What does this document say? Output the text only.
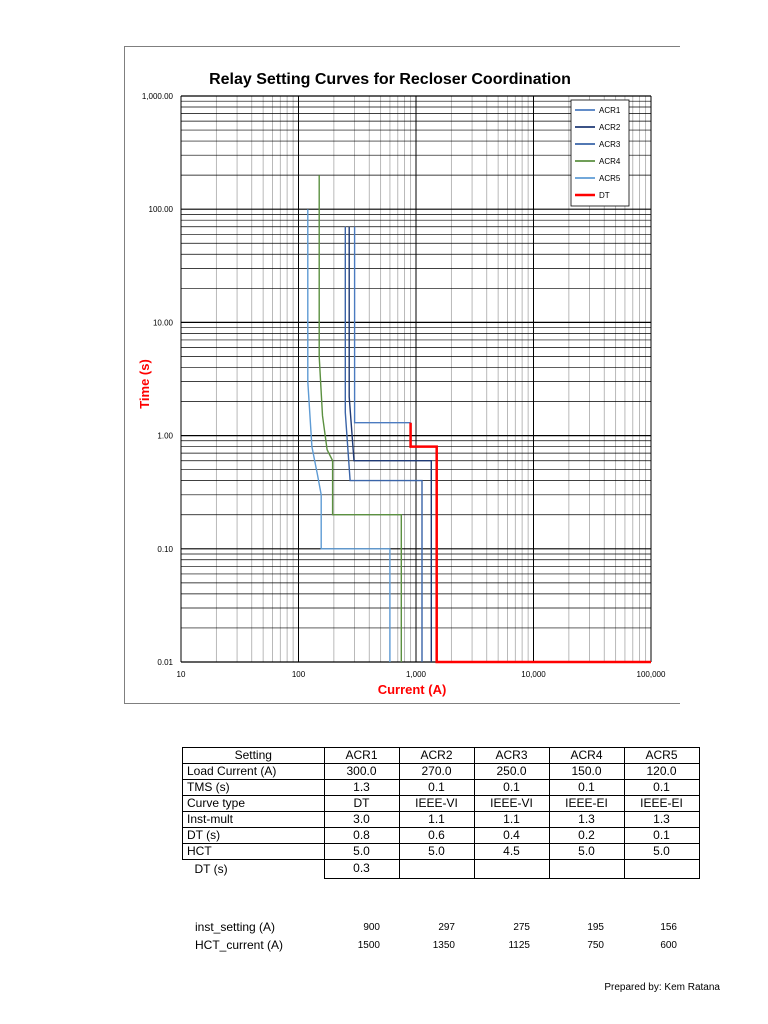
10	100	1,000	10,000	100,000
0.01
0.10
1.00
10.00
100.00
1,000.00
Relay Setting Curves for Recloser Coordination
Current (A)
Time (s)
ACR1
ACR2
ACR3
ACR4
ACR5
DT
Setting	ACR1	ACR2	ACR3	ACR4	ACR5
Load Current (A)	300.0	270.0	250.0	150.0	120.0
TMS (s)	1.3	0.1	0.1	0.1	0.1
Curve type	DT	IEEE-VI	IEEE-VI	IEEE-EI	IEEE-EI
Inst-mult	3.0	1.1	1.1	1.3	1.3
DT (s)	0.8	0.6	0.4	0.2	0.1
HCT	5.0	5.0	4.5	5.0	5.0
DT (s)	0.3				
inst_setting (A)	900	297	275	195	156
HCT_current (A)	1500	1350	1125	750	600
Prepared by: Kem Ratana
